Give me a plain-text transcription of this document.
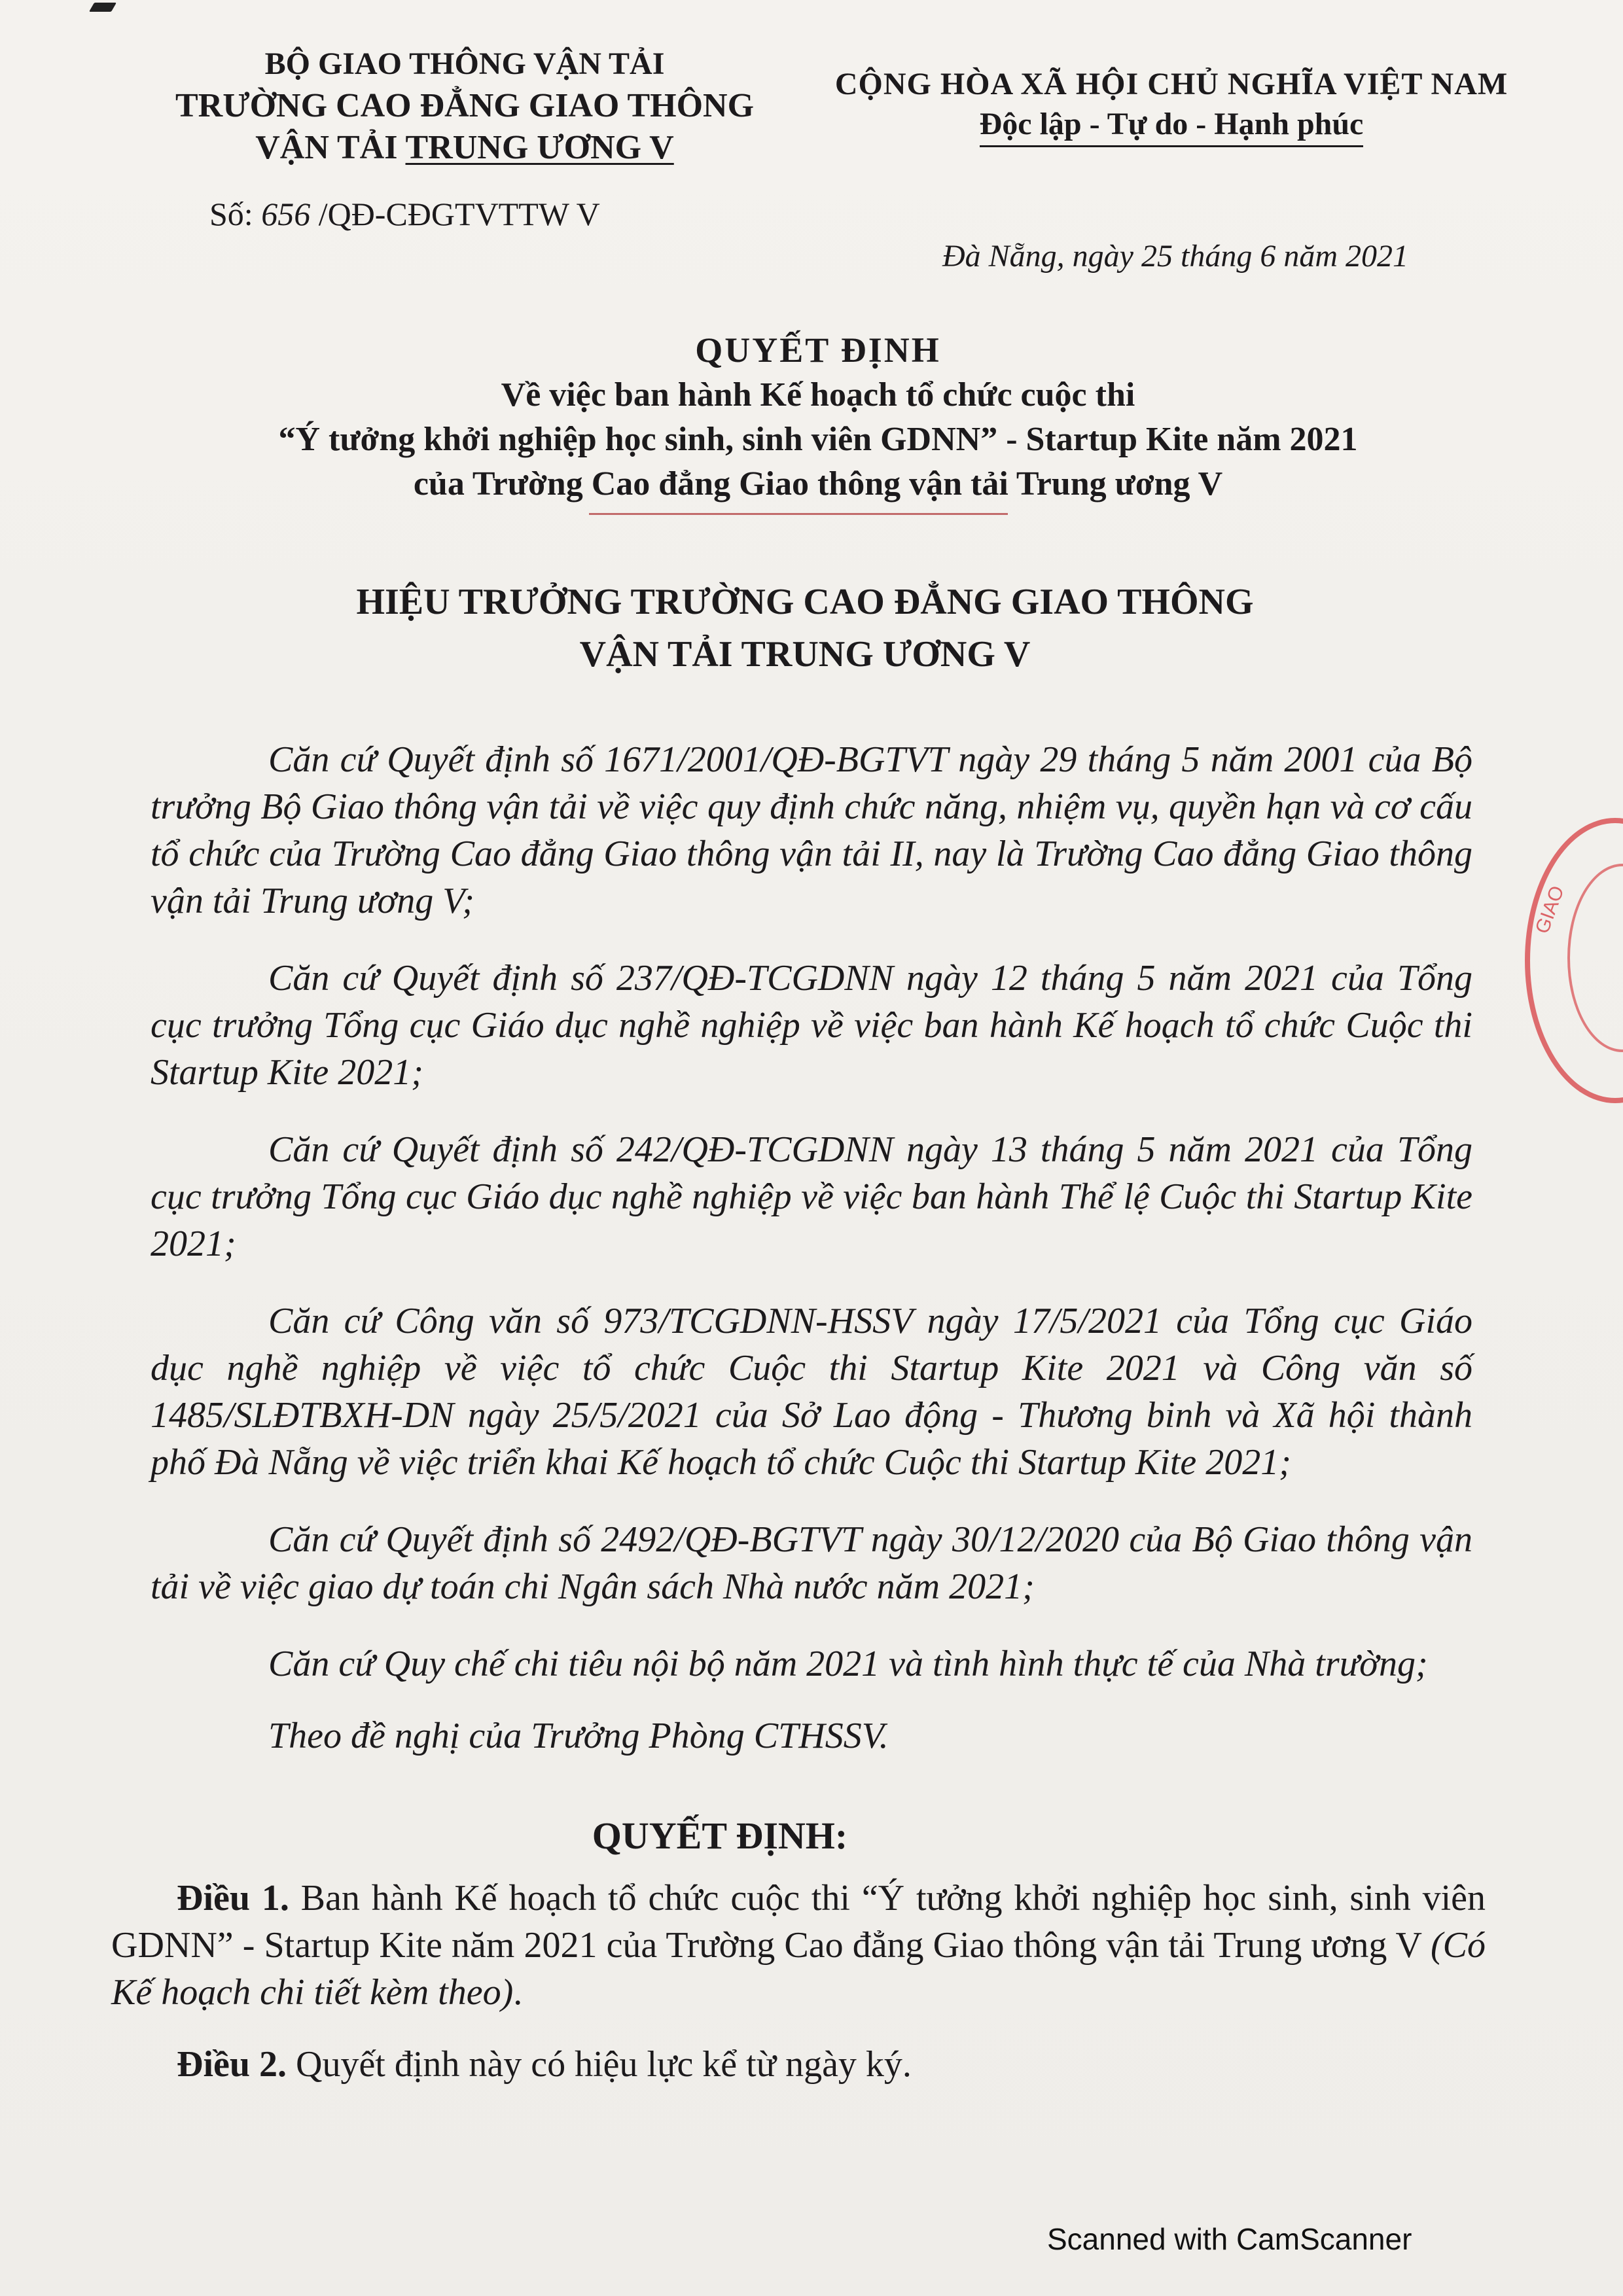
BỘ GIAO THÔNG VẬN TẢI
TRƯỜNG CAO ĐẲNG GIAO THÔNG
VẬN TẢI TRUNG ƯƠNG V
CỘNG HÒA XÃ HỘI CHỦ NGHĨA VIỆT NAM
Độc lập - Tự do - Hạnh phúc
Số: 656 /QĐ-CĐGTVTTW V
Đà Nẵng, ngày 25 tháng 6 năm 2021
QUYẾT ĐỊNH
Về việc ban hành Kế hoạch tổ chức cuộc thi
“Ý tưởng khởi nghiệp học sinh, sinh viên GDNN” - Startup Kite năm 2021
của Trường Cao đẳng Giao thông vận tải Trung ương V
HIỆU TRƯỞNG TRƯỜNG CAO ĐẲNG GIAO THÔNG
VẬN TẢI TRUNG ƯƠNG V

Căn cứ Quyết định số 1671/2001/QĐ-BGTVT ngày 29 tháng 5 năm 2001 của Bộ trưởng Bộ Giao thông vận tải về việc quy định chức năng, nhiệm vụ, quyền hạn và cơ cấu tổ chức của Trường Cao đẳng Giao thông vận tải II, nay là Trường Cao đẳng Giao thông vận tải Trung ương V;

Căn cứ Quyết định số 237/QĐ-TCGDNN ngày 12 tháng 5 năm 2021 của Tổng cục trưởng Tổng cục Giáo dục nghề nghiệp về việc ban hành Kế hoạch tổ chức Cuộc thi Startup Kite 2021;

Căn cứ Quyết định số 242/QĐ-TCGDNN ngày 13 tháng 5 năm 2021 của Tổng cục trưởng Tổng cục Giáo dục nghề nghiệp về việc ban hành Thể lệ Cuộc thi Startup Kite 2021;

Căn cứ Công văn số 973/TCGDNN-HSSV ngày 17/5/2021 của Tổng cục Giáo dục nghề nghiệp về việc tổ chức Cuộc thi Startup Kite 2021 và Công văn số 1485/SLĐTBXH-DN ngày 25/5/2021 của Sở Lao động - Thương binh và Xã hội thành phố Đà Nẵng về việc triển khai Kế hoạch tổ chức Cuộc thi Startup Kite 2021;

Căn cứ Quyết định số 2492/QĐ-BGTVT ngày 30/12/2020 của Bộ Giao thông vận tải về việc giao dự toán chi Ngân sách Nhà nước năm 2021;

Căn cứ Quy chế chi tiêu nội bộ năm 2021 và tình hình thực tế của Nhà trường;

Theo đề nghị của Trưởng Phòng CTHSSV.

QUYẾT ĐỊNH:

Điều 1. Ban hành Kế hoạch tổ chức cuộc thi “Ý tưởng khởi nghiệp học sinh, sinh viên GDNN” - Startup Kite năm 2021 của Trường Cao đẳng Giao thông vận tải Trung ương V (Có Kế hoạch chi tiết kèm theo).

Điều 2. Quyết định này có hiệu lực kể từ ngày ký.

GIAO
Scanned with CamScanner
